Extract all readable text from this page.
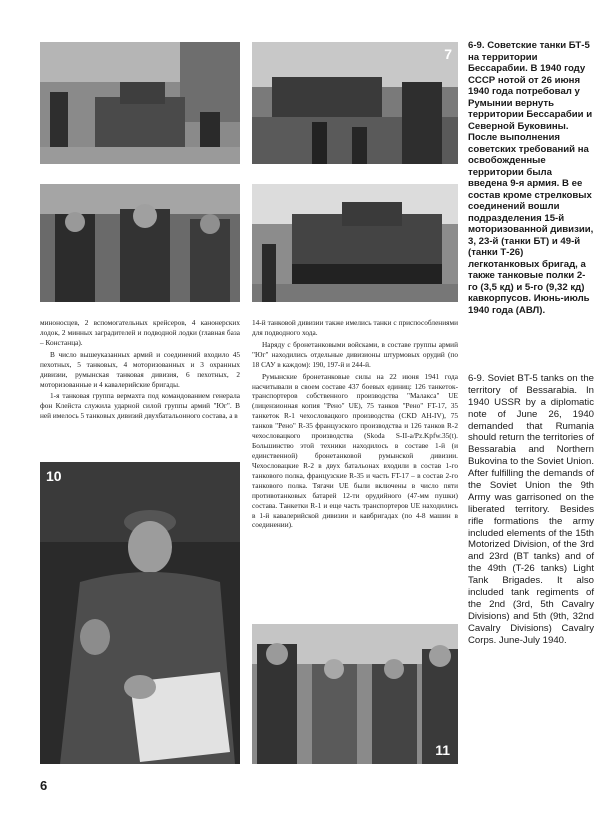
7

миноносцев, 2 вспомогательных крейсеров, 4 канонерских лодок, 2 минных заградителей и подводной лодки (главная база – Констанца).

В число вышеуказанных армий и соединений входило 45 пехотных, 5 танковых, 4 моторизованных и 3 охранных дивизии, румынская танковая дивизия, 6 пехотных, 2 моторизованные и 4 кавалерийские бригады.

1-я танковая группа вермахта под командованием генерала фон Клейста служила ударной силой группы армий "Юг". В ней имелось 5 танковых дивизий двухбатальонного состава, а в

14-й танковой дивизии также имелись танки с приспособлениями для подводного хода.

Наряду с бронетанковыми войсками, в составе группы армий "Юг" находились отдельные дивизионы штурмовых орудий (по 18 САУ в каждом): 190, 197-й и 244-й.

Румынские бронетанковые силы на 22 июня 1941 года насчитывали в своем составе 437 боевых единиц: 126 танкеток-транспортеров собственного производства "Малакса" UE (лицензионная копия "Рено" UE), 75 танков "Рено" FT-17, 35 танкеток R-1 чехословацкого производства (CKD AH-IV), 75 танков "Рено" R-35 французского производства и 126 танков R-2 чехословацкого производства (Skoda S-II-a/Pz.Kpfw.35(t). Большинство этой техники находилось в составе 1-й (и единственной) бронетанковой румынской дивизии. Чехословацкие R-2 в двух батальонах входили в состав 1-го танкового полка, французские R-35 и часть FT-17 – в состав 2-го танкового полка. Тягачи UE были включены в число пяти противотанковых батарей 12-ти орудийного (47-мм пушки) состава. Танкетки R-1 и еще часть транспортеров UE находились в 1-й кавалерийской дивизии и кавбригадах (по 4-8 машин в соединении).

10
11
6-9. Советские танки БТ-5 на территории Бессарабии. В 1940 году СССР нотой от 26 июня 1940 года потребовал у Румынии вернуть территории Бессарабии и Северной Буковины. После выполнения советских требований на освобожденные территории была введена 9-я армия. В ее состав кроме стрелковых соединений вошли подразделения 15-й моторизованной дивизии, 3, 23-й (танки БТ) и 49-й (танки Т-26) легкотанковых бригад, а также танковые полки 2-го (3,5 кд) и 5-го (9,32 кд) кавкорпусов. Июнь-июль 1940 года (АВЛ).
6-9. Soviet BT-5 tanks on the territory of Bessarabia. In 1940 USSR by a diplomatic note of June 26, 1940 demanded that Rumania should return the territories of Bessarabia and Northern Bukovina to the Soviet Union. After fulfilling the demands of the Soviet Union the 9th Army was garrisoned on the liberated territory. Besides rifle formations the army included elements of the 15th Motorized Division, of the 3rd and 23rd (BT tanks) and of the 49th (T-26 tanks) Light Tank Brigades. It also included tank regiments of the 2nd (3rd, 5th Cavalry Divisions) and 5th (9th, 32nd Cavalry Divisions) Cavalry Corps. June-July 1940.
6
